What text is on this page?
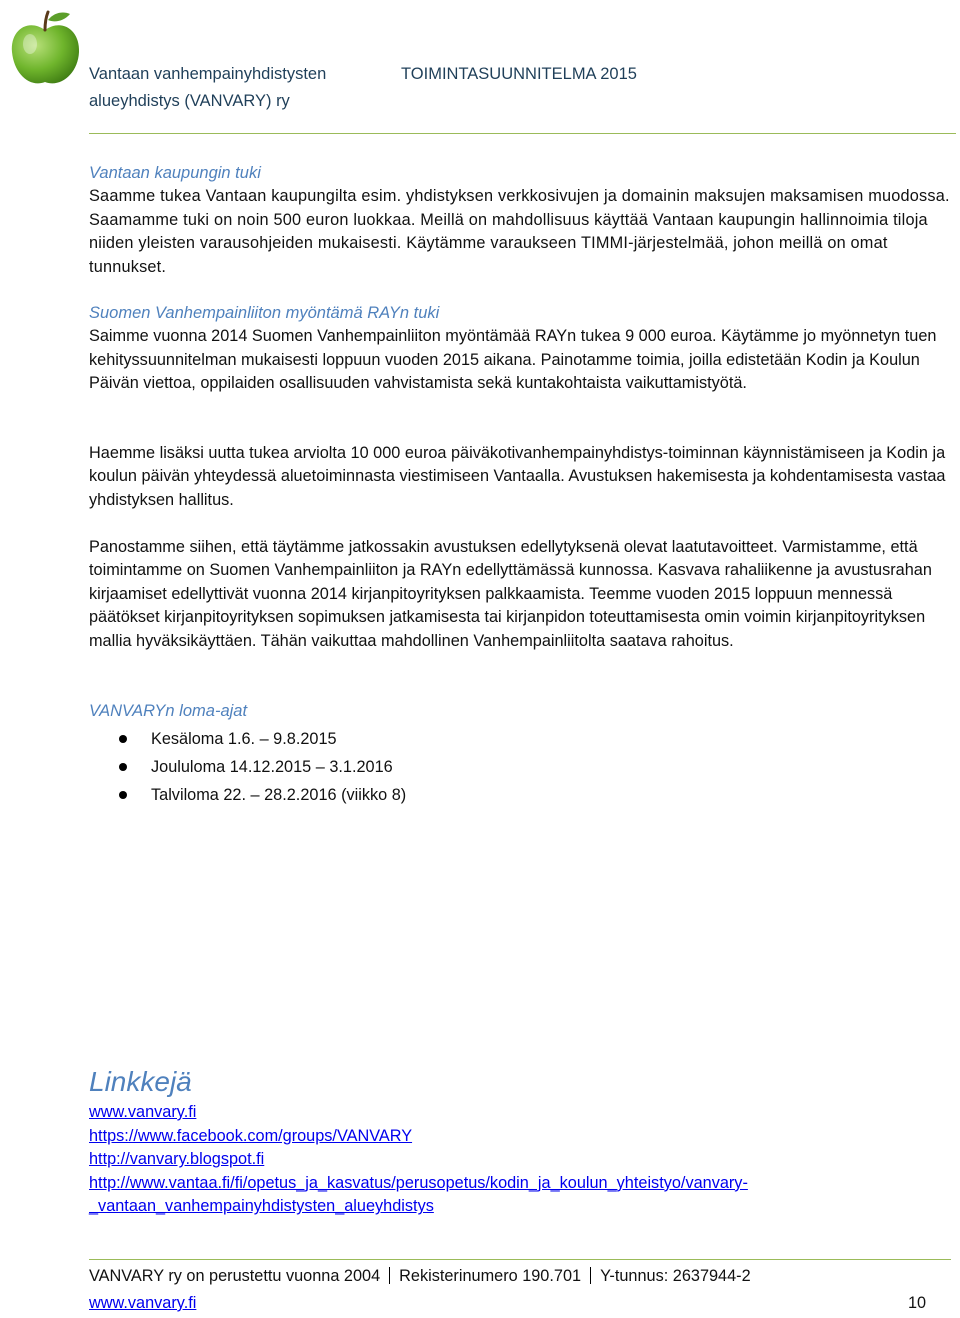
Vantaan vanhempainyhdistysten
alueyhdistys (VANVARY) ry
TOIMINTASUUNNITELMA 2015
Vantaan kaupungin tuki

Saamme tukea Vantaan kaupungilta esim. yhdistyksen verkkosivujen ja domainin maksujen maksamisen muodossa. Saamamme tuki on noin 500 euron luokkaa. Meillä on mahdollisuus käyttää Vantaan kaupungin hallinnoimia tiloja niiden yleisten varausohjeiden mukaisesti. Käytämme varaukseen TIMMI-järjestelmää, johon meillä on omat tunnukset.

Suomen Vanhempainliiton myöntämä RAYn tuki

Saimme vuonna 2014 Suomen Vanhempainliiton myöntämää RAYn tukea 9 000 euroa. Käytämme jo myönnetyn tuen kehityssuunnitelman mukaisesti loppuun vuoden 2015 aikana. Painotamme toimia, joilla edistetään Kodin ja Koulun Päivän viettoa, oppilaiden osallisuuden vahvistamista sekä kuntakohtaista vaikuttamistyötä.

Haemme lisäksi uutta tukea arviolta 10 000 euroa päiväkotivanhempainyhdistys-toiminnan käynnistämiseen ja Kodin ja koulun päivän yhteydessä aluetoiminnasta viestimiseen Vantaalla. Avustuksen hakemisesta ja kohdentamisesta vastaa yhdistyksen hallitus.

Panostamme siihen, että täytämme jatkossakin avustuksen edellytyksenä olevat laatutavoitteet. Varmistamme, että toimintamme on Suomen Vanhempainliiton ja RAYn edellyttämässä kunnossa. Kasvava rahaliikenne ja avustusrahan kirjaamiset edellyttivät vuonna 2014 kirjanpitoyrityksen palkkaamista. Teemme vuoden 2015 loppuun mennessä päätökset kirjanpitoyrityksen sopimuksen jatkamisesta tai kirjanpidon toteuttamisesta omin voimin kirjanpitoyrityksen mallia hyväksikäyttäen. Tähän vaikuttaa mahdollinen Vanhempainliitolta saatava rahoitus.

VANVARYn loma-ajat
Kesäloma 1.6. – 9.8.2015
Joululoma 14.12.2015 – 3.1.2016
Talviloma 22. – 28.2.2016 (viikko 8)
Linkkejä
www.vanvary.fi
https://www.facebook.com/groups/VANVARY
http://vanvary.blogspot.fi
http://www.vantaa.fi/fi/opetus_ja_kasvatus/perusopetus/kodin_ja_koulun_yhteistyo/vanvary-
_vantaan_vanhempainyhdistysten_alueyhdistys
VANVARY ry on perustettu vuonna 2004 Rekisterinumero 190.701 Y-tunnus: 2637944-2
www.vanvary.fi	10
